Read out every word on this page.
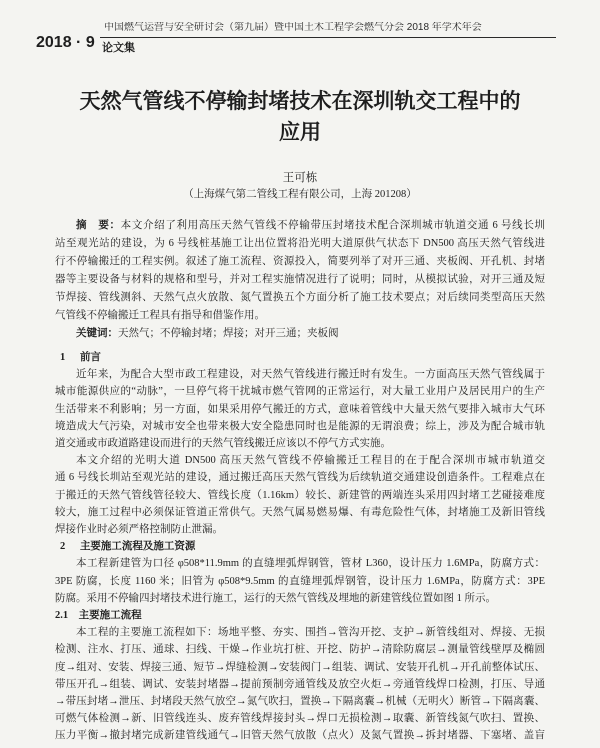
中国燃气运营与安全研讨会（第九届）暨中国土木工程学会燃气分会 2018 年学术年会
2018 · 9 论文集
天然气管线不停输封堵技术在深圳轨交工程中的
应用
王可栋
（上海煤气第二管线工程有限公司，上海 201208）
摘　要：本文介绍了利用高压天然气管线不停输带压封堵技术配合深圳城市轨道交通 6 号线长圳
站至观光站的建设，为 6 号线桩基施工让出位置将沿光明大道原供气状态下 DN500 高压天然气管线进
行不停输搬迁的工程实例。叙述了施工流程、资源投入，简要列举了对开三通、夹板阀、开孔机、封堵
器等主要设备与材料的规格和型号，并对工程实施情况进行了说明；同时，从模拟试验，对开三通及短
节焊接、管线测斜、天然气点火放散、氮气置换五个方面分析了施工技术要点；对后续同类型高压天然
气管线不停输搬迁工程具有指导和借鉴作用。
关键词：天然气；不停输封堵；焊接；对开三通；夹板阀
1 前言
近年来，为配合大型市政工程建设，对天然气管线进行搬迁时有发生。一方面高压天然气管线属于
城市能源供应的“动脉”，一旦停气将干扰城市燃气管网的正常运行，对大量工业用户及居民用户的生产
生活带来不利影响；另一方面，如果采用停气搬迁的方式，意味着管线中大量天然气要排入城市大气环
境造成大气污染，对城市安全也带来极大安全隐患同时也是能源的无谓浪费；综上，涉及为配合城市轨
道交通或市政道路建设而进行的天然气管线搬迁应该以不停气方式实施。
本文介绍的光明大道 DN500 高压天然气管线不停输搬迁工程目的在于配合深圳市城市轨道交
通 6 号线长圳站至观光站的建设，通过搬迁高压天然气管线为后续轨道交通建设创造条件。工程难点在
于搬迁的天然气管线管径较大、管线长度（1.16km）较长、新建管的两端连头采用四封堵工艺碰接难度
较大，施工过程中必须保证管道正常供气。天然气属易燃易爆、有毒危险性气体，封堵施工及新旧管线
焊接作业时必须严格控制防止泄漏。
2 主要施工流程及施工资源
本工程新建管为口径 φ508*11.9mm 的直缝埋弧焊钢管，管材 L360，设计压力 1.6MPa，防腐方式：
3PE 防腐，长度 1160 米；旧管为 φ508*9.5mm 的直缝埋弧焊钢管，设计压力 1.6MPa，防腐方式：3PE
防腐。采用不停输四封堵技术进行施工，运行的天然气管线及埋地的新建管线位置如图 1 所示。
2.1 主要施工流程
本工程的主要施工流程如下：场地平整、夯实、围挡→管沟开挖、支护→新管线组对、焊接、无损
检测、注水、打压、通球、扫线、干燥→作业坑打桩、开挖、防护→清除防腐层→测量管线壁厚及椭圆
度→组对、安装、焊接三通、短节→焊缝检测→安装阀门→组装、调试、安装开孔机→开孔前整体试压、
带压开孔→组装、调试、安装封堵器→提前预制旁通管线及放空火炬→旁通管线焊口检测，打压、导通
→带压封堵→泄压、封堵段天然气放空→氮气吹扫，置换→下隔离囊→机械（无明火）断管→下隔离囊、
可燃气体检测→新、旧管线连头、废弃管线焊接封头→焊口无损检测→取囊、新管线氮气吹扫、置换、
压力平衡→撤封堵完成新建管线通气→旧管天然气放散（点火）及氮气置换→拆封堵器、下塞堵、盖盲
